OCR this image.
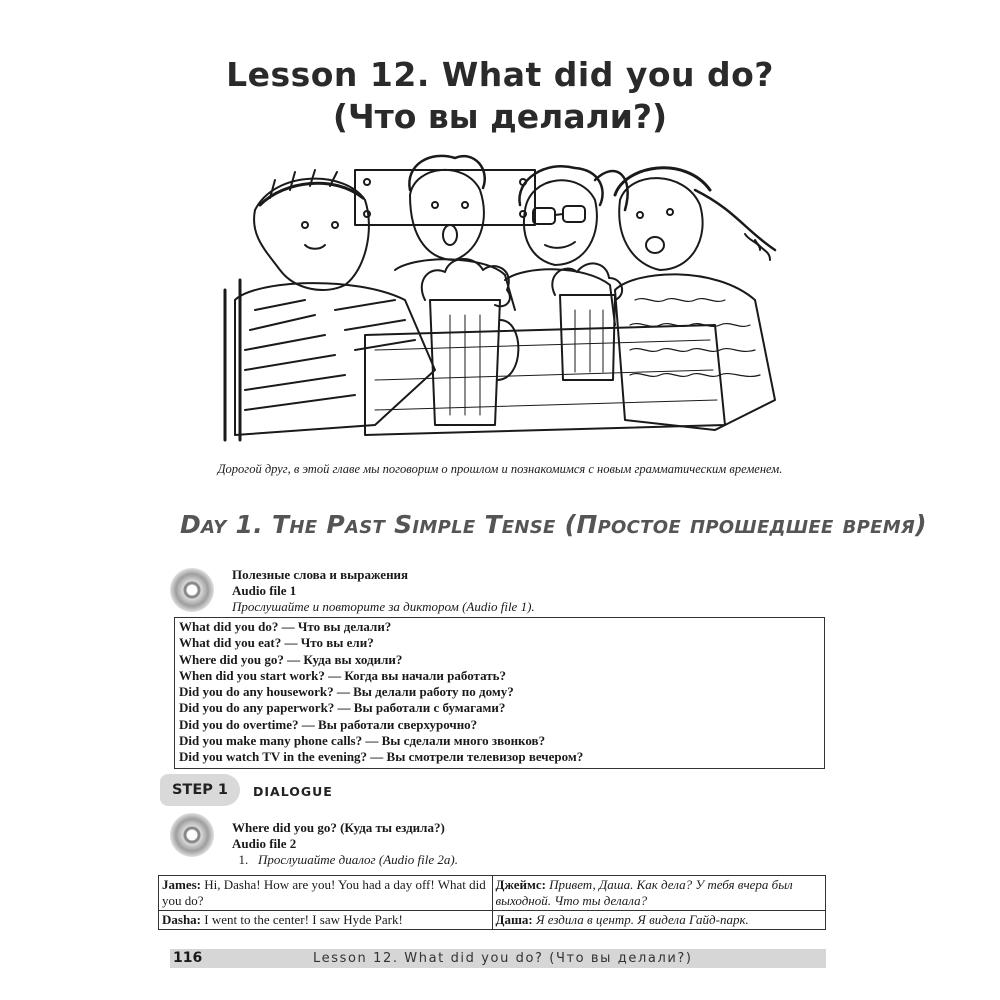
Lesson 12. What did you do?
(Что вы делали?)
Дорогой друг, в этой главе мы поговорим о прошлом и познакомимся с новым грамматическим временем.
Day 1. The Past Simple Tense (Простое прошедшее время)
Полезные слова и выражения
Audio file 1
Прослушайте и повторите за диктором (Audio file 1).
What did you do? — Что вы делали?
What did you eat? — Что вы ели?
Where did you go? — Куда вы ходили?
When did you start work? — Когда вы начали работать?
Did you do any housework? — Вы делали работу по дому?
Did you do any paperwork? — Вы работали с бумагами?
Did you do overtime? — Вы работали сверхурочно?
Did you make many phone calls? — Вы сделали много звонков?
Did you watch TV in the evening? — Вы смотрели телевизор вечером?
STEP 1	DIALOGUE
Where did you go? (Куда ты ездила?)
Audio file 2
1. Прослушайте диалог (Audio file 2a).
James: Hi, Dasha! How are you! You had a day off! What did you do?	Джеймс: Привет, Даша. Как дела? У тебя вчера был выходной. Что ты делала?
Dasha: I went to the center! I saw Hyde Park!	Даша: Я ездила в центр. Я видела Гайд-парк.
116	Lesson 12. What did you do? (Что вы делали?)
